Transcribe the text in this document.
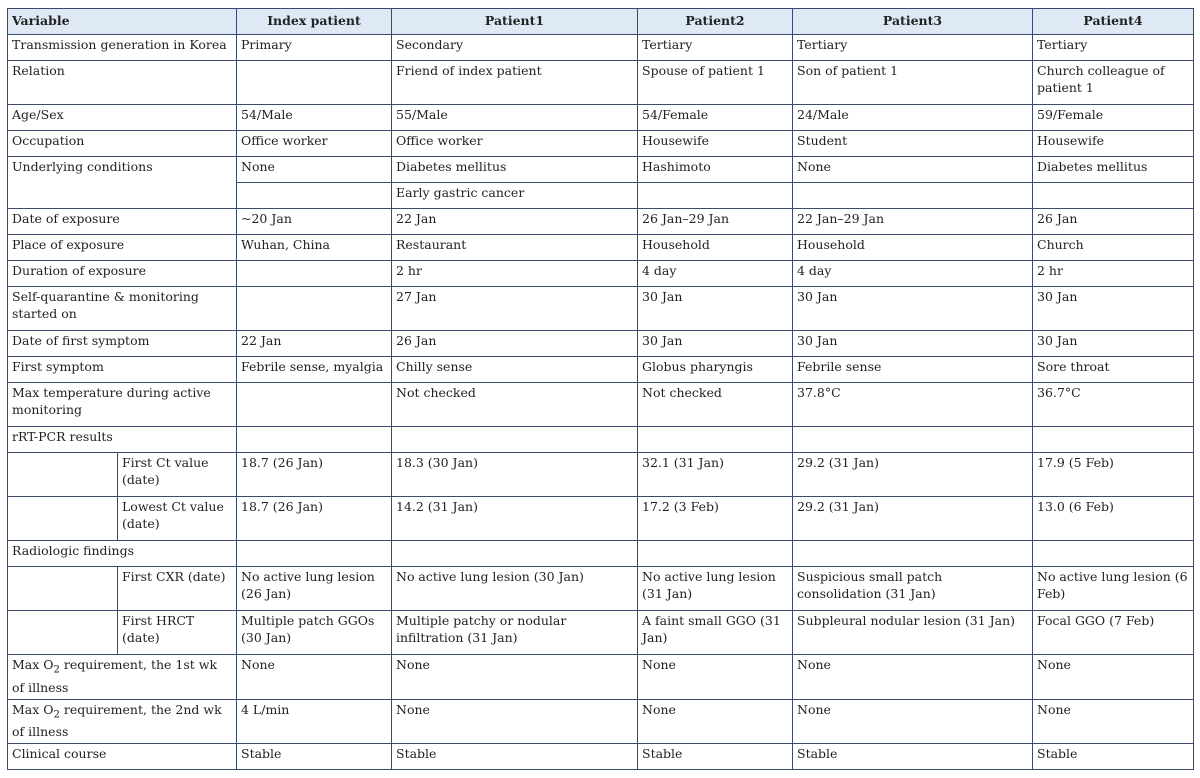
Variable		Index patient	Patient1	Patient2	Patient3	Patient4
Transmission generation in Korea		Primary	Secondary	Tertiary	Tertiary	Tertiary
Relation			Friend of index patient	Spouse of patient 1	Son of patient 1	Church colleague of patient 1
Age/Sex		54/Male	55/Male	54/Female	24/Male	59/Female
Occupation		Office worker	Office worker	Housewife	Student	Housewife
Underlying conditions		None	Diabetes mellitus	Hashimoto	None	Diabetes mellitus
			Early gastric cancer			
Date of exposure		~20 Jan	22 Jan	26 Jan–29 Jan	22 Jan–29 Jan	26 Jan
Place of exposure		Wuhan, China	Restaurant	Household	Household	Church
Duration of exposure			2 hr	4 day	4 day	2 hr
Self-quarantine & monitoring started on			27 Jan	30 Jan	30 Jan	30 Jan
Date of first symptom		22 Jan	26 Jan	30 Jan	30 Jan	30 Jan
First symptom		Febrile sense, myalgia	Chilly sense	Globus pharyngis	Febrile sense	Sore throat
Max temperature during active monitoring			Not checked	Not checked	37.8°C	36.7°C
rRT-PCR results						
	First Ct value (date)	18.7 (26 Jan)	18.3 (30 Jan)	32.1 (31 Jan)	29.2 (31 Jan)	17.9 (5 Feb)
	Lowest Ct value (date)	18.7 (26 Jan)	14.2 (31 Jan)	17.2 (3 Feb)	29.2 (31 Jan)	13.0 (6 Feb)
Radiologic findings						
	First CXR (date)	No active lung lesion (26 Jan)	No active lung lesion (30 Jan)	No active lung lesion (31 Jan)	Suspicious small patch consolidation (31 Jan)	No active lung lesion (6 Feb)
	First HRCT (date)	Multiple patch GGOs (30 Jan)	Multiple patchy or nodular infiltration (31 Jan)	A faint small GGO (31 Jan)	Subpleural nodular lesion (31 Jan)	Focal GGO (7 Feb)
Max $O_2$ requirement, the 1st wk of illness		None	None	None	None	None
Max $O_2$ requirement, the 2nd wk of illness		4 L/min	None	None	None	None
Clinical course		Stable	Stable	Stable	Stable	Stable
